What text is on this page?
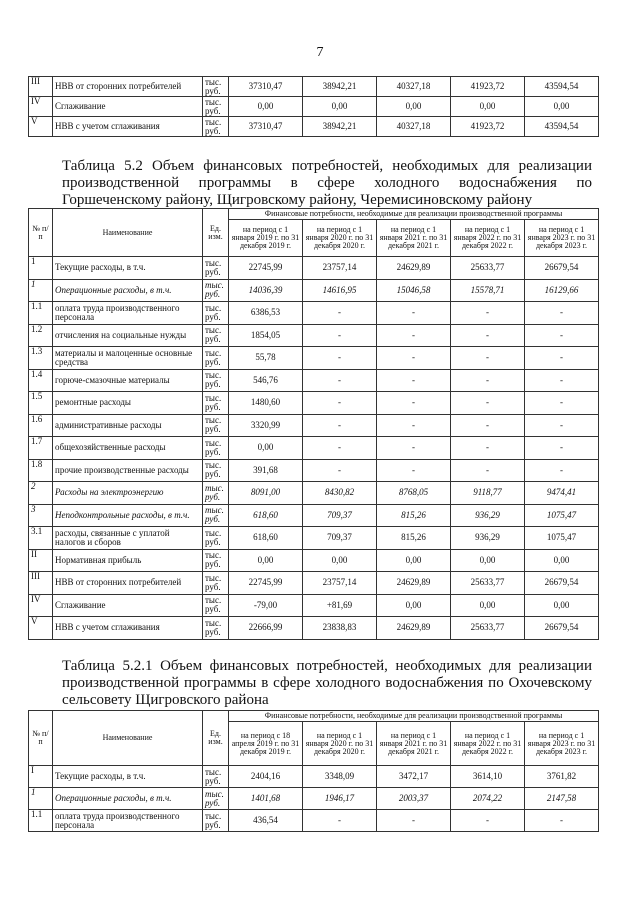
7
III	НВВ от сторонних потребителей	тыс. руб.	37310,47	38942,21	40327,18	41923,72	43594,54
IV	Сглаживание	тыс. руб.	0,00	0,00	0,00	0,00	0,00
V	НВВ с учетом сглаживания	тыс. руб.	37310,47	38942,21	40327,18	41923,72	43594,54
Таблица 5.2 Объем финансовых потребностей, необходимых для реализации производственной программы в сфере холодного водоснабжения по Горшеченскому району, Щигровскому району, Черемисиновскому району
№ п/п	Наименование	Ед. изм.	Финансовые потребности, необходимые для реализации производственной программы				
			на период с 1 января 2019 г. по 31 декабря 2019 г.	на период с 1 января 2020 г. по 31 декабря 2020 г.	на период с 1 января 2021 г. по 31 декабря 2021 г.	на период с 1 января 2022 г. по 31 декабря 2022 г.	на период с 1 января 2023 г. по 31 декабря 2023 г.
1	Текущие расходы, в т.ч.	тыс. руб.	22745,99	23757,14	24629,89	25633,77	26679,54
1	Операционные расходы, в т.ч.	тыс. руб.	14036,39	14616,95	15046,58	15578,71	16129,66
1.1	оплата труда производственного персонала	тыс. руб.	6386,53	-	-	-	-
1.2	отчисления на социальные нужды	тыс. руб.	1854,05	-	-	-	-
1.3	материалы и малоценные основные средства	тыс. руб.	55,78	-	-	-	-
1.4	горюче-смазочные материалы	тыс. руб.	546,76	-	-	-	-
1.5	ремонтные расходы	тыс. руб.	1480,60	-	-	-	-
1.6	административные расходы	тыс. руб.	3320,99	-	-	-	-
1.7	общехозяйственные расходы	тыс. руб.	0,00	-	-	-	-
1.8	прочие производственные расходы	тыс. руб.	391,68	-	-	-	-
2	Расходы на электроэнергию	тыс. руб.	8091,00	8430,82	8768,05	9118,77	9474,41
3	Неподконтрольные расходы, в т.ч.	тыс. руб.	618,60	709,37	815,26	936,29	1075,47
3.1	расходы, связанные с уплатой налогов и сборов	тыс. руб.	618,60	709,37	815,26	936,29	1075,47
II	Нормативная прибыль	тыс. руб.	0,00	0,00	0,00	0,00	0,00
III	НВВ от сторонних потребителей	тыс. руб.	22745,99	23757,14	24629,89	25633,77	26679,54
IV	Сглаживание	тыс. руб.	-79,00	+81,69	0,00	0,00	0,00
V	НВВ с учетом сглаживания	тыс. руб.	22666,99	23838,83	24629,89	25633,77	26679,54
Таблица 5.2.1 Объем финансовых потребностей, необходимых для реализации производственной программы в сфере холодного водоснабжения по Охочевскому сельсовету Щигровского района
№ п/п	Наименование	Ед. изм.	Финансовые потребности, необходимые для реализации производственной программы				
			на период с 18 апреля 2019 г. по 31 декабря 2019 г.	на период с 1 января 2020 г. по 31 декабря 2020 г.	на период с 1 января 2021 г. по 31 декабря 2021 г.	на период с 1 января 2022 г. по 31 декабря 2022 г.	на период с 1 января 2023 г. по 31 декабря 2023 г.
I	Текущие расходы, в т.ч.	тыс. руб.	2404,16	3348,09	3472,17	3614,10	3761,82
1	Операционные расходы, в т.ч.	тыс. руб.	1401,68	1946,17	2003,37	2074,22	2147,58
1.1	оплата труда производственного персонала	тыс. руб.	436,54	-	-	-	-
